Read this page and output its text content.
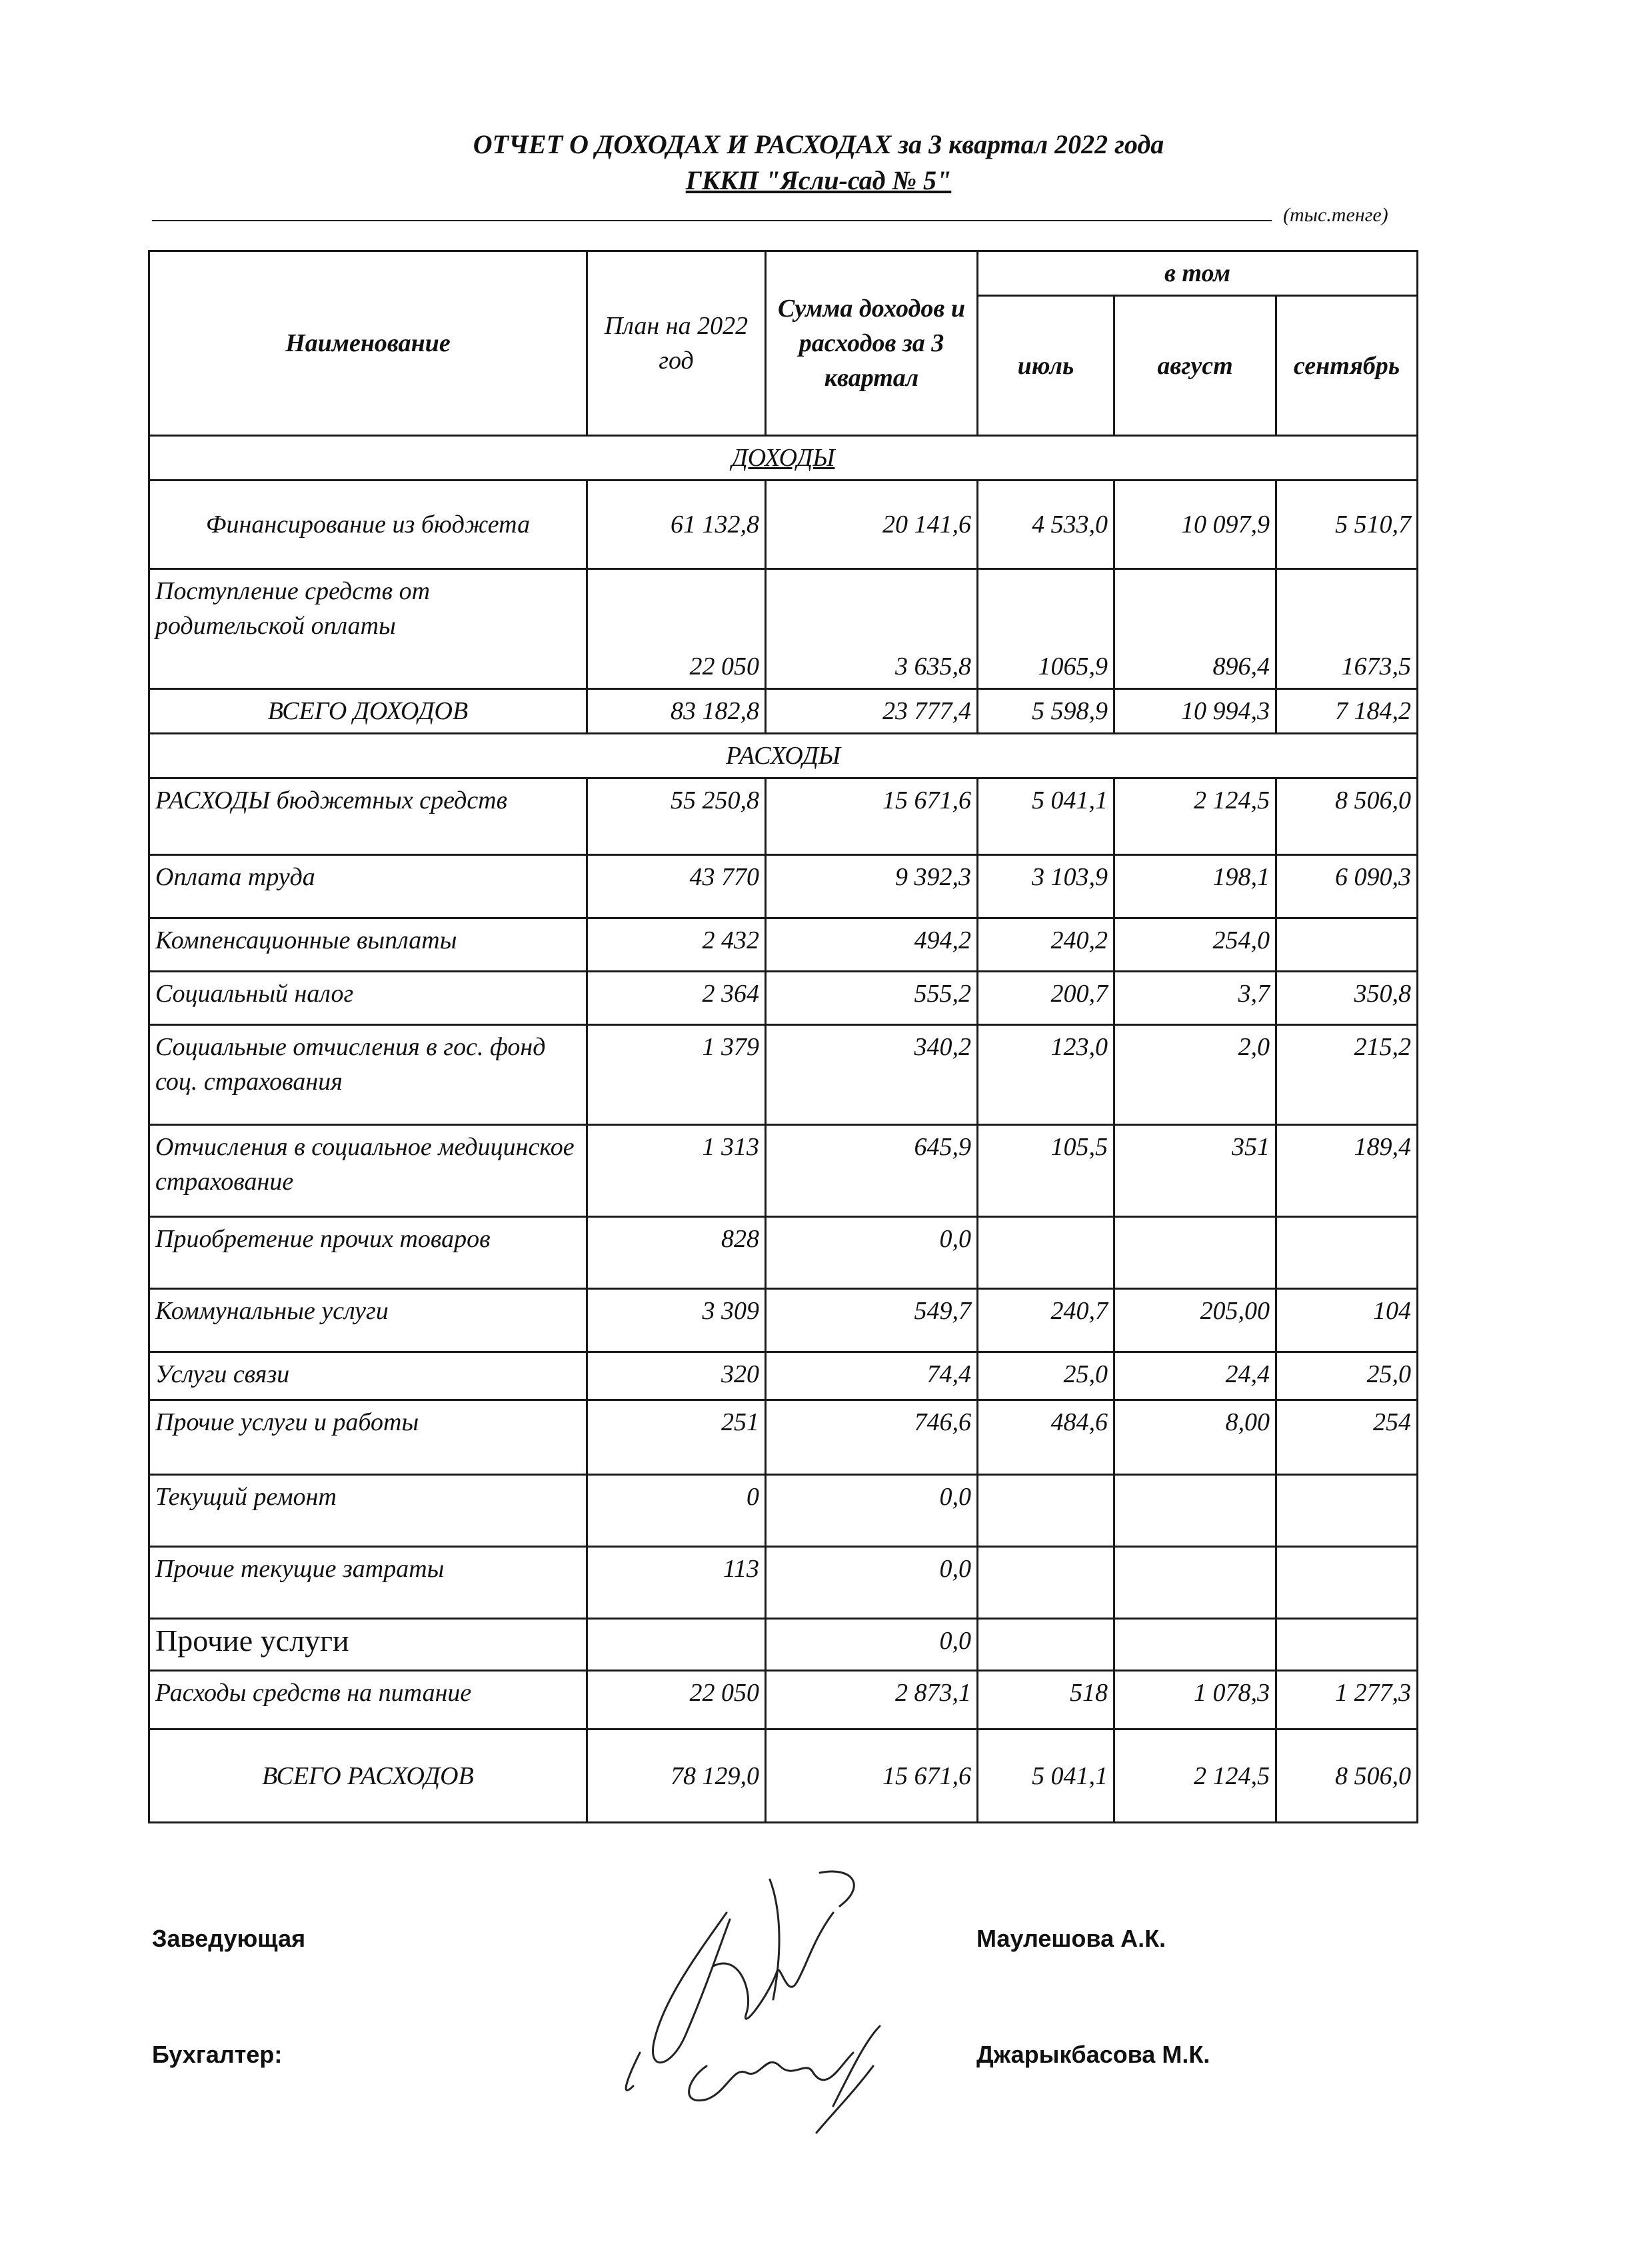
ОТЧЕТ О ДОХОДАХ И РАСХОДАХ за 3 квартал 2022 года
ГККП "Ясли-сад № 5"
(тыс.тенге)
Наименование	План на 2022 год	Сумма доходов и расходов за 3 квартал	в том		
			июль	август	сентябрь
ДОХОДЫ					
Финансирование из бюджета	61 132,8	20 141,6	4 533,0	10 097,9	5 510,7
Поступление средств от родительской оплаты	22 050	3 635,8	1065,9	896,4	1673,5
ВСЕГО ДОХОДОВ	83 182,8	23 777,4	5 598,9	10 994,3	7 184,2
РАСХОДЫ					
РАСХОДЫ бюджетных средств	55 250,8	15 671,6	5 041,1	2 124,5	8 506,0
Оплата труда	43 770	9 392,3	3 103,9	198,1	6 090,3
Компенсационные выплаты	2 432	494,2	240,2	254,0	
Социальный налог	2 364	555,2	200,7	3,7	350,8
Социальные отчисления в гос. фонд соц. страхования	1 379	340,2	123,0	2,0	215,2
Отчисления в социальное медицинское страхование	1 313	645,9	105,5	351	189,4
Приобретение прочих товаров	828	0,0			
Коммунальные услуги	3 309	549,7	240,7	205,00	104
Услуги связи	320	74,4	25,0	24,4	25,0
Прочие услуги и работы	251	746,6	484,6	8,00	254
Текущий ремонт	0	0,0			
Прочие текущие затраты	113	0,0			
Прочие услуги		0,0			
Расходы средств на питание	22 050	2 873,1	518	1 078,3	1 277,3
ВСЕГО РАСХОДОВ	78 129,0	15 671,6	5 041,1	2 124,5	8 506,0
Заведующая	Маулешова А.К.
Бухгалтер:	Джарыкбасова М.К.
